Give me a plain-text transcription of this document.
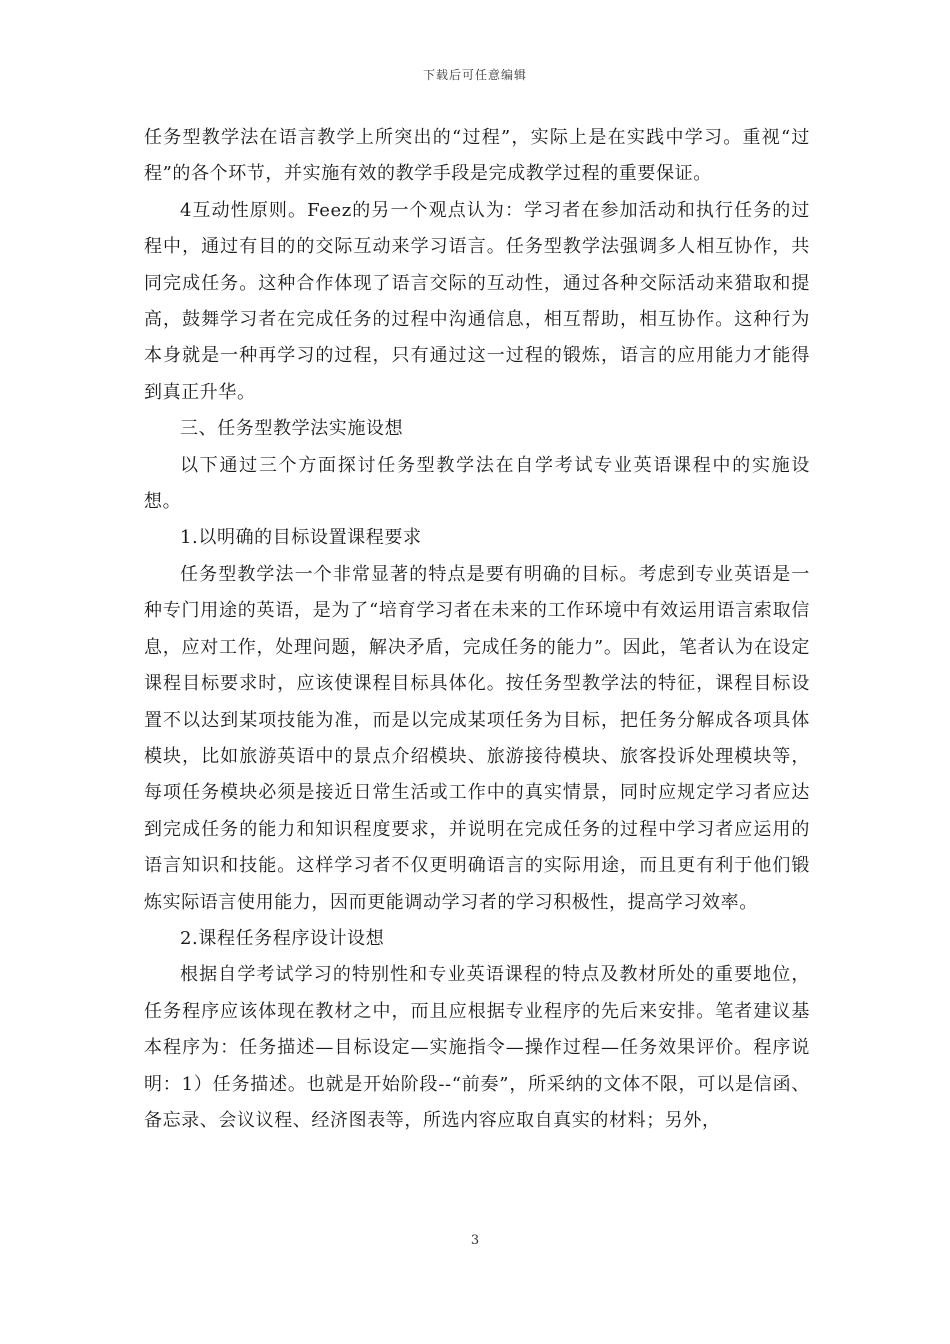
下载后可任意编辑

任务型教学法在语言教学上所突出的“过程”，实际上是在实践中学习。重视“过程”的各个环节，并实施有效的教学手段是完成教学过程的重要保证。

4互动性原则。Feez的另一个观点认为：学习者在参加活动和执行任务的过程中，通过有目的的交际互动来学习语言。任务型教学法强调多人相互协作，共同完成任务。这种合作体现了语言交际的互动性，通过各种交际活动来猎取和提高，鼓舞学习者在完成任务的过程中沟通信息，相互帮助，相互协作。这种行为本身就是一种再学习的过程，只有通过这一过程的锻炼，语言的应用能力才能得到真正升华。

三、任务型教学法实施设想

以下通过三个方面探讨任务型教学法在自学考试专业英语课程中的实施设想。

1.以明确的目标设置课程要求

任务型教学法一个非常显著的特点是要有明确的目标。考虑到专业英语是一种专门用途的英语，是为了“培育学习者在未来的工作环境中有效运用语言索取信息，应对工作，处理问题，解决矛盾，完成任务的能力”。因此，笔者认为在设定课程目标要求时，应该使课程目标具体化。按任务型教学法的特征，课程目标设置不以达到某项技能为准，而是以完成某项任务为目标，把任务分解成各项具体模块，比如旅游英语中的景点介绍模块、旅游接待模块、旅客投诉处理模块等，每项任务模块必须是接近日常生活或工作中的真实情景，同时应规定学习者应达到完成任务的能力和知识程度要求，并说明在完成任务的过程中学习者应运用的语言知识和技能。这样学习者不仅更明确语言的实际用途，而且更有利于他们锻炼实际语言使用能力，因而更能调动学习者的学习积极性，提高学习效率。

2.课程任务程序设计设想

根据自学考试学习的特别性和专业英语课程的特点及教材所处的重要地位，任务程序应该体现在教材之中，而且应根据专业程序的先后来安排。笔者建议基本程序为：任务描述—目标设定—实施指令—操作过程—任务效果评价。程序说明：1）任务描述。也就是开始阶段--“前奏”，所采纳的文体不限，可以是信函、备忘录、会议议程、经济图表等，所选内容应取自真实的材料；另外，

3
